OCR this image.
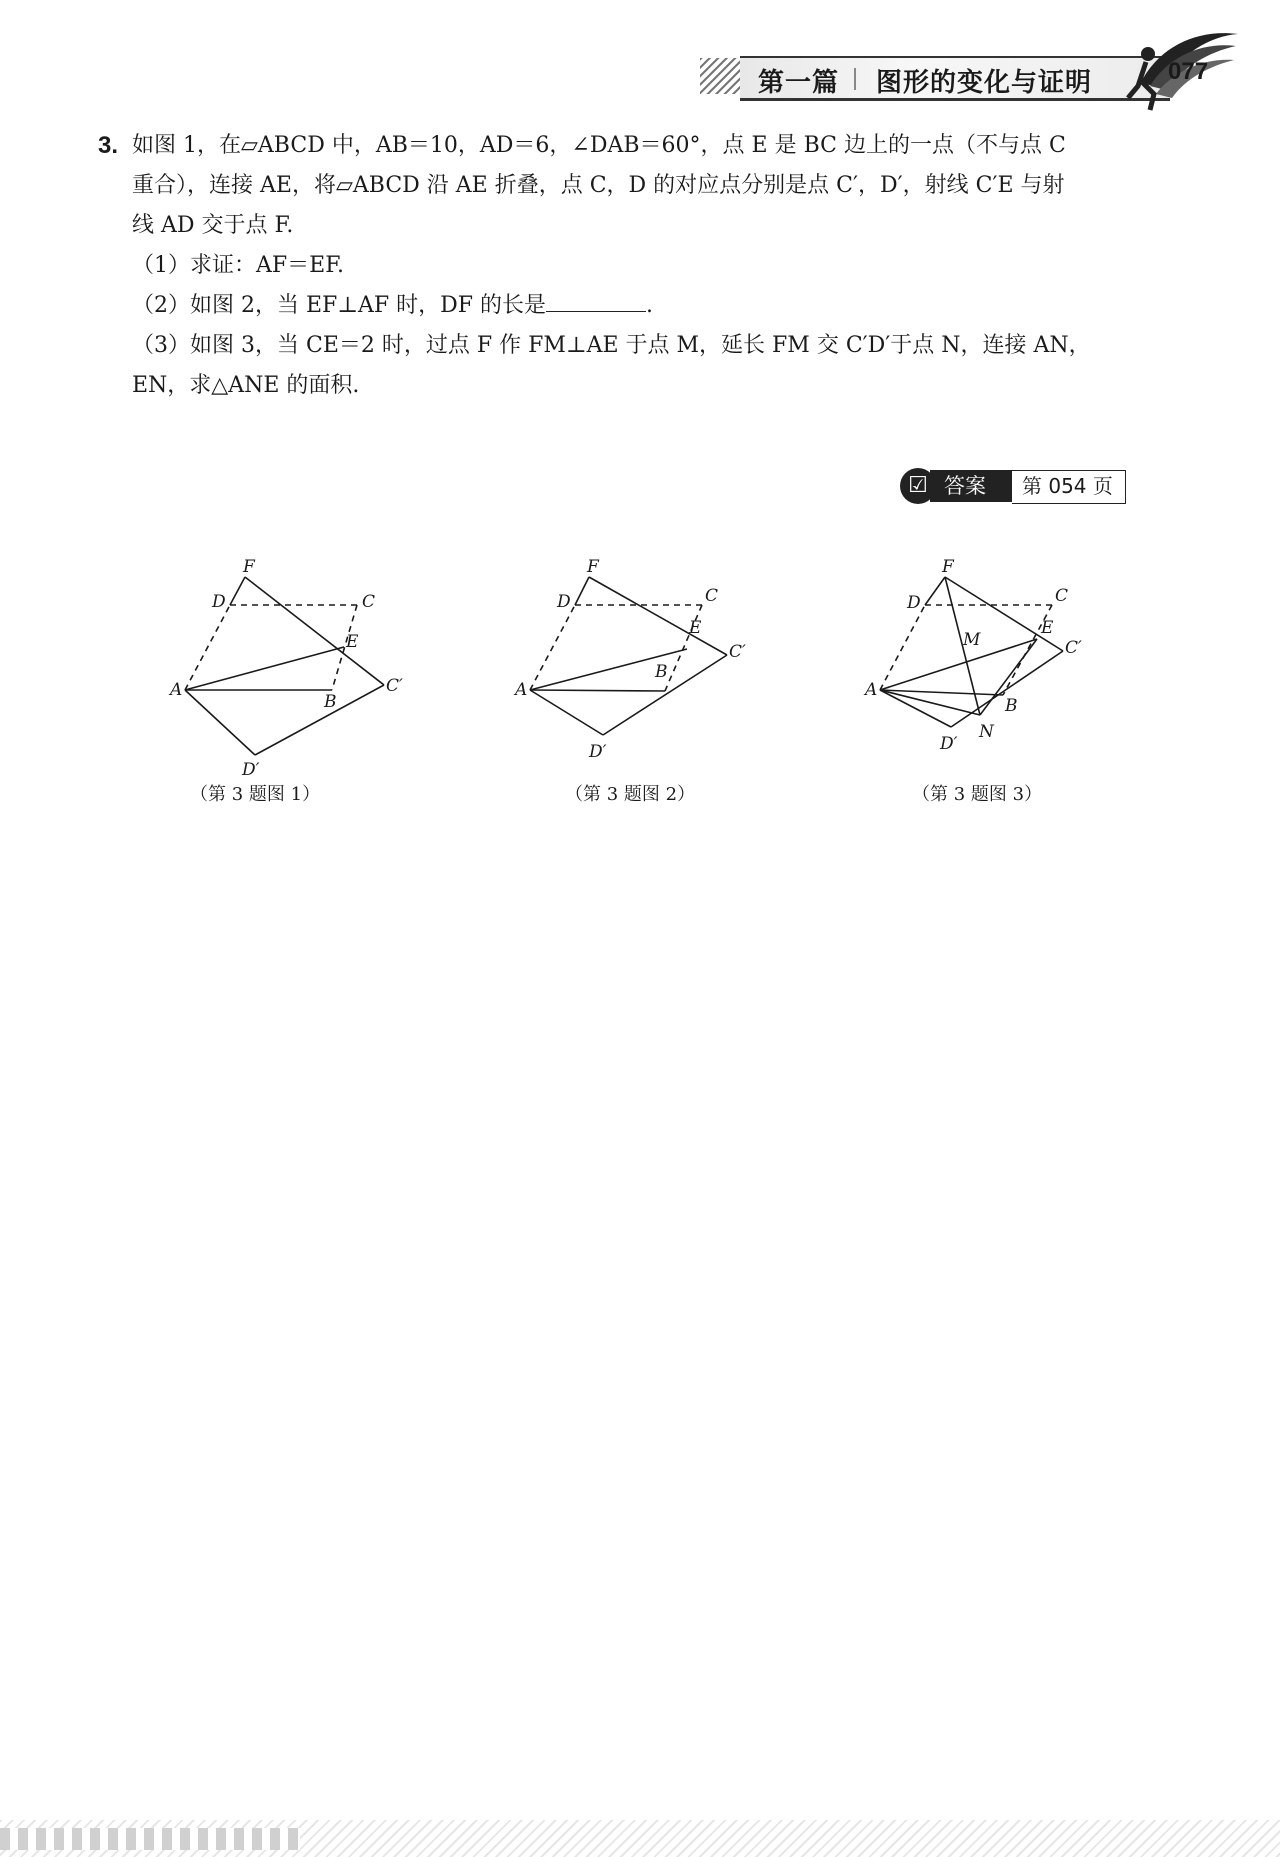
第一篇 图形的变化与证明	077
3. 如图 1，在▱ABCD 中，AB＝10，AD＝6，∠DAB＝60°，点 E 是 BC 边上的一点（不与点 C
重合），连接 AE，将▱ABCD 沿 AE 折叠，点 C，D 的对应点分别是点 C′，D′，射线 C′E 与射
线 AD 交于点 F.
（1）求证：AF＝EF.
（2）如图 2，当 EF⊥AF 时，DF 的长是	.
（3）如图 3，当 CE＝2 时，过点 F 作 FM⊥AE 于点 M，延长 FM 交 C′D′于点 N，连接 AN，
EN，求△ANE 的面积.
答案
☑	第 054 页
F
D	C
E
A
B
C′
D′
（第 3 题图 1）
F
D	C
E
A
B
C′
D′
（第 3 题图 2）
F
D	C
E
A
B
C′
D′
M
N
（第 3 题图 3）
